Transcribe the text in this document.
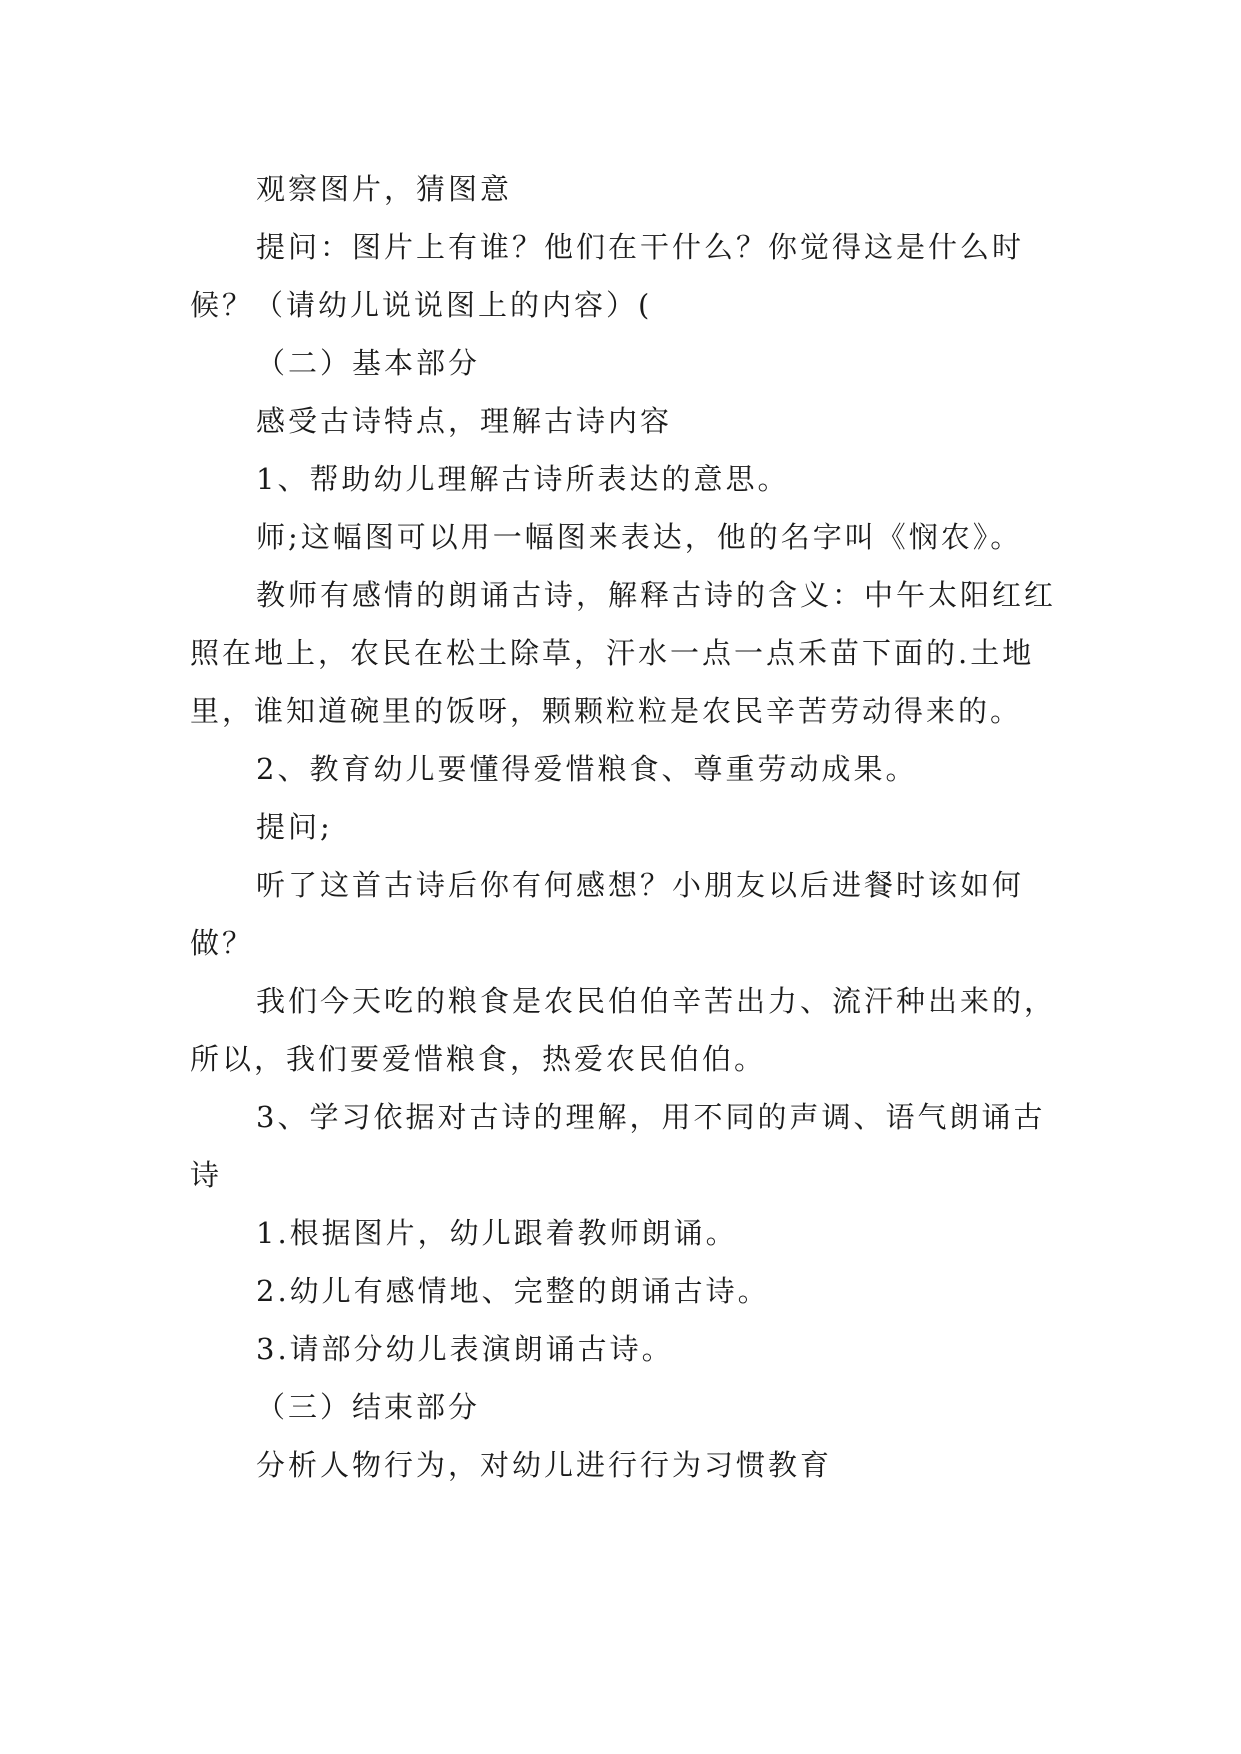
观察图片，猜图意

提问：图片上有谁？他们在干什么？你觉得这是什么时候？（请幼儿说说图上的内容）(

（二）基本部分

感受古诗特点，理解古诗内容

1、帮助幼儿理解古诗所表达的意思。

师;这幅图可以用一幅图来表达，他的名字叫《悯农》。

教师有感情的朗诵古诗，解释古诗的含义：中午太阳红红照在地上，农民在松土除草，汗水一点一点禾苗下面的.土地里，谁知道碗里的饭呀，颗颗粒粒是农民辛苦劳动得来的。

2、教育幼儿要懂得爱惜粮食、尊重劳动成果。

提问;

听了这首古诗后你有何感想？小朋友以后进餐时该如何做？

我们今天吃的粮食是农民伯伯辛苦出力、流汗种出来的，所以，我们要爱惜粮食，热爱农民伯伯。

3、学习依据对古诗的理解，用不同的声调、语气朗诵古诗

1.根据图片，幼儿跟着教师朗诵。

2.幼儿有感情地、完整的朗诵古诗。

3.请部分幼儿表演朗诵古诗。

（三）结束部分

分析人物行为，对幼儿进行行为习惯教育
